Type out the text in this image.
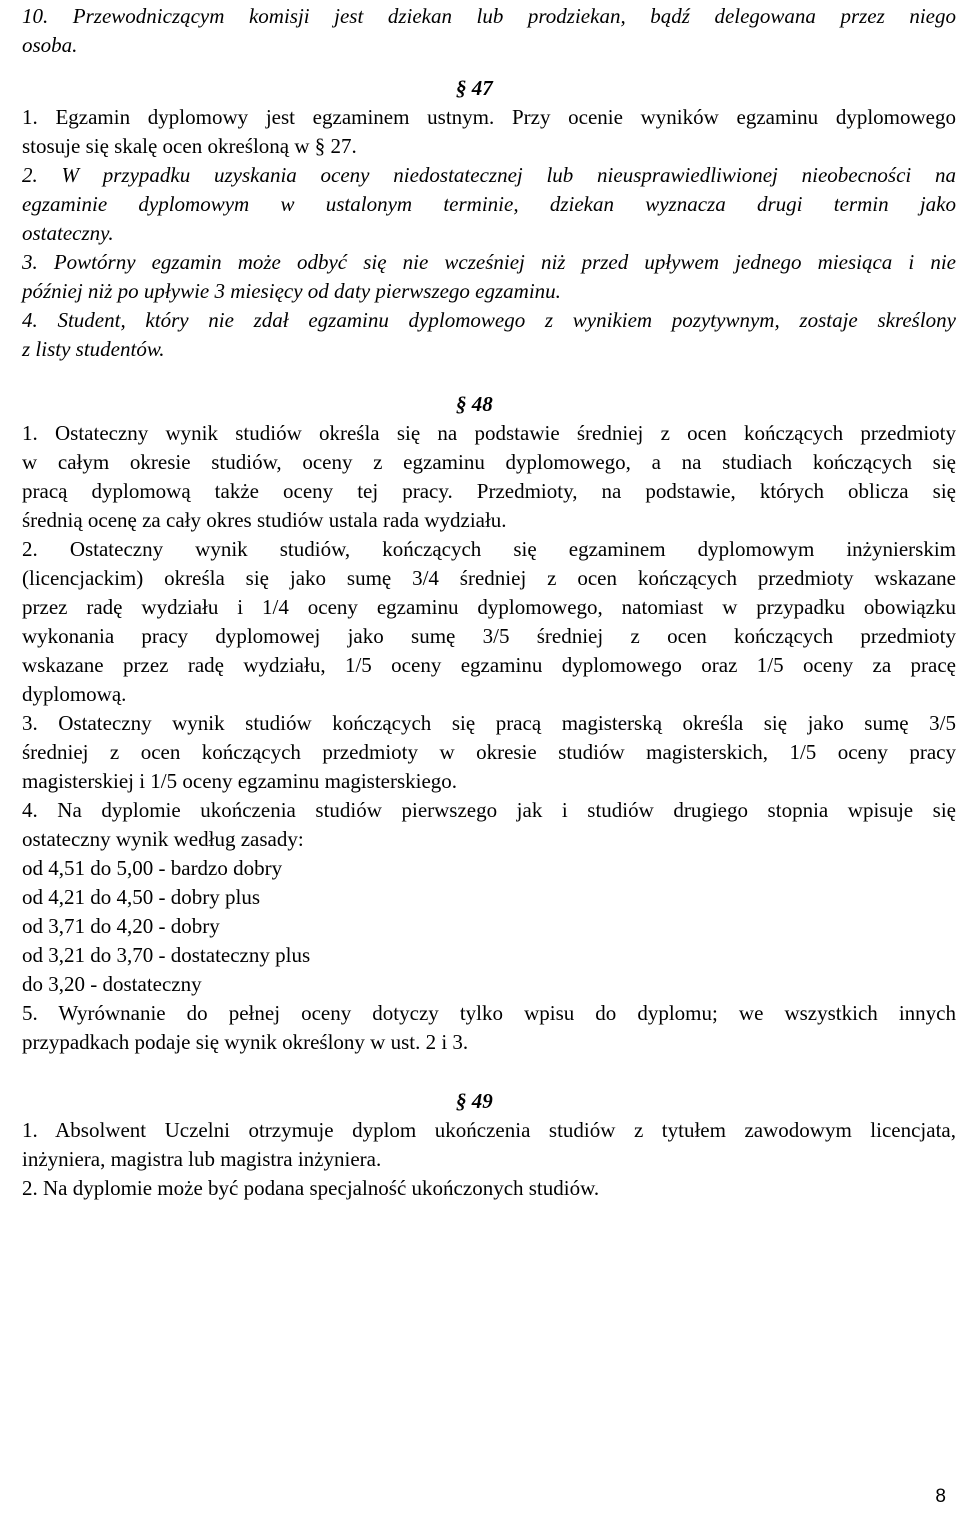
10. Przewodniczącym komisji jest dziekan lub prodziekan, bądź delegowana przez niego
osoba.
§ 47
1. Egzamin dyplomowy jest egzaminem ustnym. Przy ocenie wyników egzaminu dyplomowego
stosuje się skalę ocen określoną w § 27.
2. W przypadku uzyskania oceny niedostatecznej lub nieusprawiedliwionej nieobecności na
egzaminie dyplomowym w ustalonym terminie, dziekan wyznacza drugi termin jako
ostateczny.
3. Powtórny egzamin może odbyć się nie wcześniej niż przed upływem jednego miesiąca i nie
później niż po upływie 3 miesięcy od daty pierwszego egzaminu.
4. Student, który nie zdał egzaminu dyplomowego z wynikiem pozytywnym, zostaje skreślony
z listy studentów.
§ 48
1. Ostateczny wynik studiów określa się na podstawie średniej z ocen kończących przedmioty
w całym okresie studiów, oceny z egzaminu dyplomowego, a na studiach kończących się
pracą dyplomową także oceny tej pracy. Przedmioty, na podstawie, których oblicza się
średnią ocenę za cały okres studiów ustala rada wydziału.
2. Ostateczny wynik studiów, kończących się egzaminem dyplomowym inżynierskim
(licencjackim) określa się jako sumę 3/4 średniej z ocen kończących przedmioty wskazane
przez radę wydziału i 1/4 oceny egzaminu dyplomowego, natomiast w przypadku obowiązku
wykonania pracy dyplomowej jako sumę 3/5 średniej z ocen kończących przedmioty
wskazane przez radę wydziału, 1/5 oceny egzaminu dyplomowego oraz 1/5 oceny za pracę
dyplomową.
3. Ostateczny wynik studiów kończących się pracą magisterską określa się jako sumę 3/5
średniej z ocen kończących przedmioty w okresie studiów magisterskich, 1/5 oceny pracy
magisterskiej i 1/5 oceny egzaminu magisterskiego.
4. Na dyplomie ukończenia studiów pierwszego jak i studiów drugiego stopnia wpisuje się
ostateczny wynik według zasady:
od 4,51 do 5,00 - bardzo dobry
od 4,21 do 4,50 - dobry plus
od 3,71 do 4,20 - dobry
od 3,21 do 3,70 - dostateczny plus
do 3,20 - dostateczny
5. Wyrównanie do pełnej oceny dotyczy tylko wpisu do dyplomu; we wszystkich innych
przypadkach podaje się wynik określony w ust. 2 i 3.
§ 49
1. Absolwent Uczelni otrzymuje dyplom ukończenia studiów z tytułem zawodowym licencjata,
inżyniera, magistra lub magistra inżyniera.
2. Na dyplomie może być podana specjalność ukończonych studiów.
8
